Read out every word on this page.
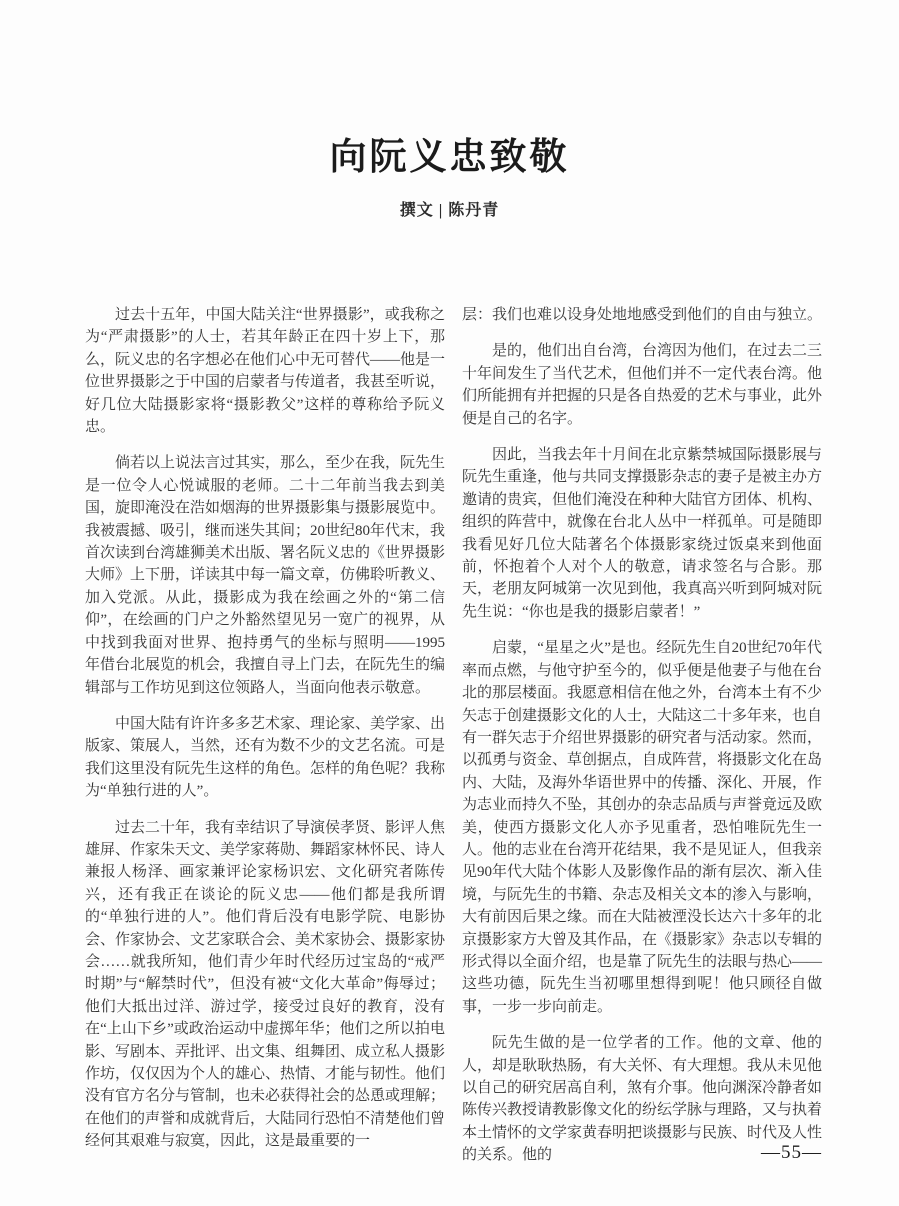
向阮义忠致敬
撰文 | 陈丹青

过去十五年，中国大陆关注“世界摄影”，或我称之为“严肃摄影”的人士，若其年龄正在四十岁上下，那么，阮义忠的名字想必在他们心中无可替代——他是一位世界摄影之于中国的启蒙者与传道者，我甚至听说，好几位大陆摄影家将“摄影教父”这样的尊称给予阮义忠。

倘若以上说法言过其实，那么，至少在我，阮先生是一位令人心悦诚服的老师。二十二年前当我去到美国，旋即淹没在浩如烟海的世界摄影集与摄影展览中。我被震撼、吸引，继而迷失其间；20世纪80年代末，我首次读到台湾雄狮美术出版、署名阮义忠的《世界摄影大师》上下册，详读其中每一篇文章，仿佛聆听教义、加入党派。从此，摄影成为我在绘画之外的“第二信仰”，在绘画的门户之外豁然望见另一宽广的视界，从中找到我面对世界、抱持勇气的坐标与照明——1995 年借台北展览的机会，我擅自寻上门去，在阮先生的编辑部与工作坊见到这位领路人，当面向他表示敬意。

中国大陆有许许多多艺术家、理论家、美学家、出版家、策展人，当然，还有为数不少的文艺名流。可是我们这里没有阮先生这样的角色。怎样的角色呢？我称为“单独行进的人”。

过去二十年，我有幸结识了导演侯孝贤、影评人焦雄屏、作家朱天文、美学家蒋勋、舞蹈家林怀民、诗人兼报人杨泽、画家兼评论家杨识宏、文化研究者陈传兴，还有我正在谈论的阮义忠——他们都是我所谓的“单独行进的人”。他们背后没有电影学院、电影协会、作家协会、文艺家联合会、美术家协会、摄影家协会……就我所知，他们青少年时代经历过宝岛的“戒严时期”与“解禁时代”，但没有被“文化大革命”侮辱过；他们大抵出过洋、游过学，接受过良好的教育，没有在“上山下乡”或政治运动中虚掷年华；他们之所以拍电影、写剧本、弄批评、出文集、组舞团、成立私人摄影作坊，仅仅因为个人的雄心、热情、才能与韧性。他们没有官方名分与管制，也未必获得社会的怂恿或理解；在他们的声誉和成就背后，大陆同行恐怕不清楚他们曾经何其艰难与寂寞，因此，这是最重要的一

层：我们也难以设身处地地感受到他们的自由与独立。

是的，他们出自台湾，台湾因为他们，在过去二三十年间发生了当代艺术，但他们并不一定代表台湾。他们所能拥有并把握的只是各自热爱的艺术与事业，此外便是自己的名字。

因此，当我去年十月间在北京紫禁城国际摄影展与阮先生重逢，他与共同支撑摄影杂志的妻子是被主办方邀请的贵宾，但他们淹没在种种大陆官方团体、机构、组织的阵营中，就像在台北人丛中一样孤单。可是随即我看见好几位大陆著名个体摄影家绕过饭桌来到他面前，怀抱着个人对个人的敬意，请求签名与合影。那天，老朋友阿城第一次见到他，我真高兴听到阿城对阮先生说：“你也是我的摄影启蒙者！”

启蒙，“星星之火”是也。经阮先生自20世纪70年代率而点燃，与他守护至今的，似乎便是他妻子与他在台北的那层楼面。我愿意相信在他之外，台湾本土有不少矢志于创建摄影文化的人士，大陆这二十多年来，也自有一群矢志于介绍世界摄影的研究者与活动家。然而，以孤勇与资金、草创据点，自成阵营，将摄影文化在岛内、大陆，及海外华语世界中的传播、深化、开展，作为志业而持久不坠，其创办的杂志品质与声誉竟远及欧美，使西方摄影文化人亦予见重者，恐怕唯阮先生一人。他的志业在台湾开花结果，我不是见证人，但我亲见90年代大陆个体影人及影像作品的渐有层次、渐入佳境，与阮先生的书籍、杂志及相关文本的渗入与影响，大有前因后果之缘。而在大陆被湮没长达六十多年的北京摄影家方大曾及其作品，在《摄影家》杂志以专辑的形式得以全面介绍，也是靠了阮先生的法眼与热心——这些功德，阮先生当初哪里想得到呢！他只顾径自做事，一步一步向前走。

阮先生做的是一位学者的工作。他的文章、他的人，却是耿耿热肠，有大关怀、有大理想。我从未见他以自己的研究居高自利，煞有介事。他向渊深冷静者如陈传兴教授请教影像文化的纷纭学脉与理路，又与执着本土情怀的文学家黄春明把谈摄影与民族、时代及人性的关系。他的	—55—
